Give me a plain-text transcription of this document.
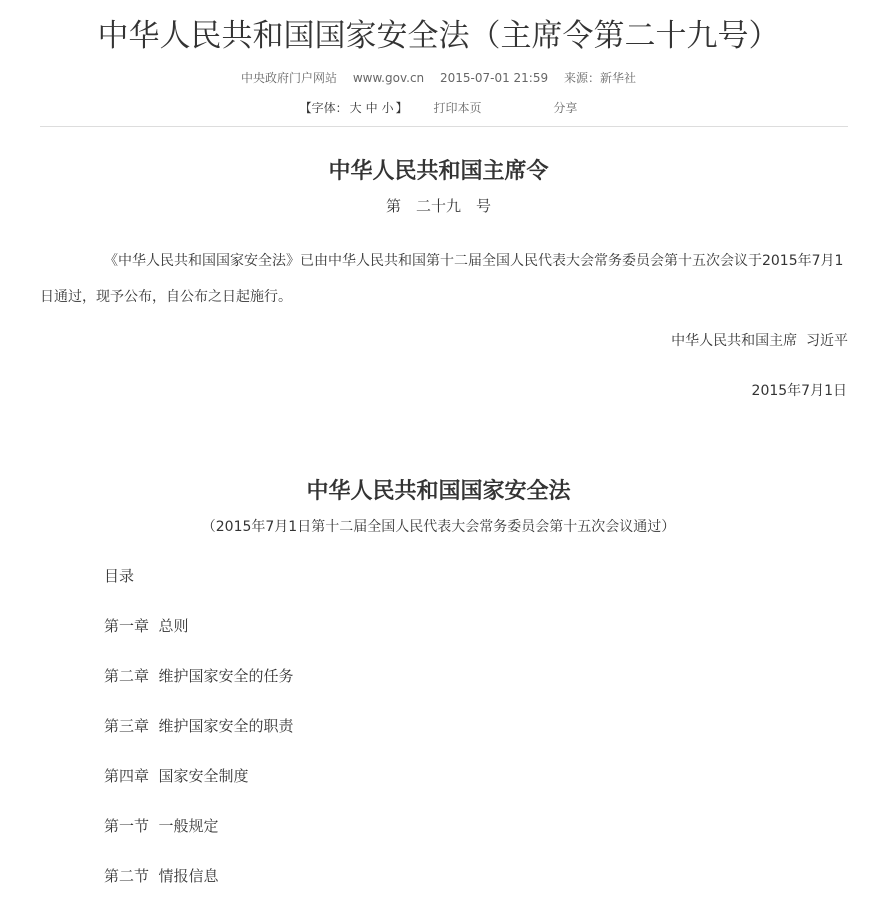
中华人民共和国国家安全法（主席令第二十九号）
中央政府门户网站 www.gov.cn 2015-07-01 21:59 来源：新华社
【字体： 大 中 小 】 打印本页	分享
中华人民共和国主席令
第　二十九　号

《中华人民共和国国家安全法》已由中华人民共和国第十二届全国人民代表大会常务委员会第十五次会议于2015年7月1日通过，现予公布，自公布之日起施行。

中华人民共和国主席  习近平
2015年7月1日
中华人民共和国国家安全法
（2015年7月1日第十二届全国人民代表大会常务委员会第十五次会议通过）
目录
第一章  总则
第二章  维护国家安全的任务
第三章  维护国家安全的职责
第四章  国家安全制度
第一节  一般规定
第二节  情报信息
